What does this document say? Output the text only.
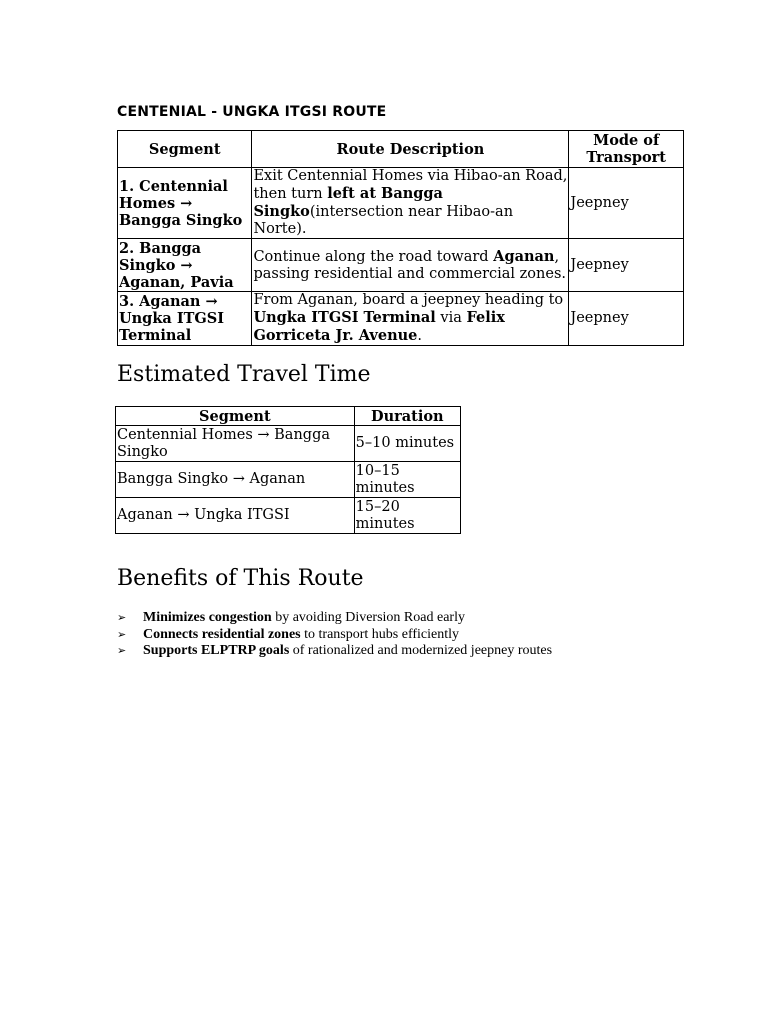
CENTENIAL - UNGKA ITGSI ROUTE
Segment	Route Description	Mode of Transport
1. Centennial Homes → Bangga Singko	Exit Centennial Homes via Hibao-an Road, then turn left at Bangga Singko(intersection near Hibao-an Norte).	Jeepney
2. Bangga Singko → Aganan, Pavia	Continue along the road toward Aganan, passing residential and commercial zones.	Jeepney
3. Aganan → Ungka ITGSI Terminal	From Aganan, board a jeepney heading to Ungka ITGSI Terminal via Felix Gorriceta Jr. Avenue.	Jeepney
Estimated Travel Time
Segment	Duration
Centennial Homes → Bangga Singko	5–10 minutes
Bangga Singko → Aganan	10–15 minutes
Aganan → Ungka ITGSI	15–20 minutes
Benefits of This Route
➢	Minimizes congestion by avoiding Diversion Road early
➢	Connects residential zones to transport hubs efficiently
➢	Supports ELPTRP goals of rationalized and modernized jeepney routes
